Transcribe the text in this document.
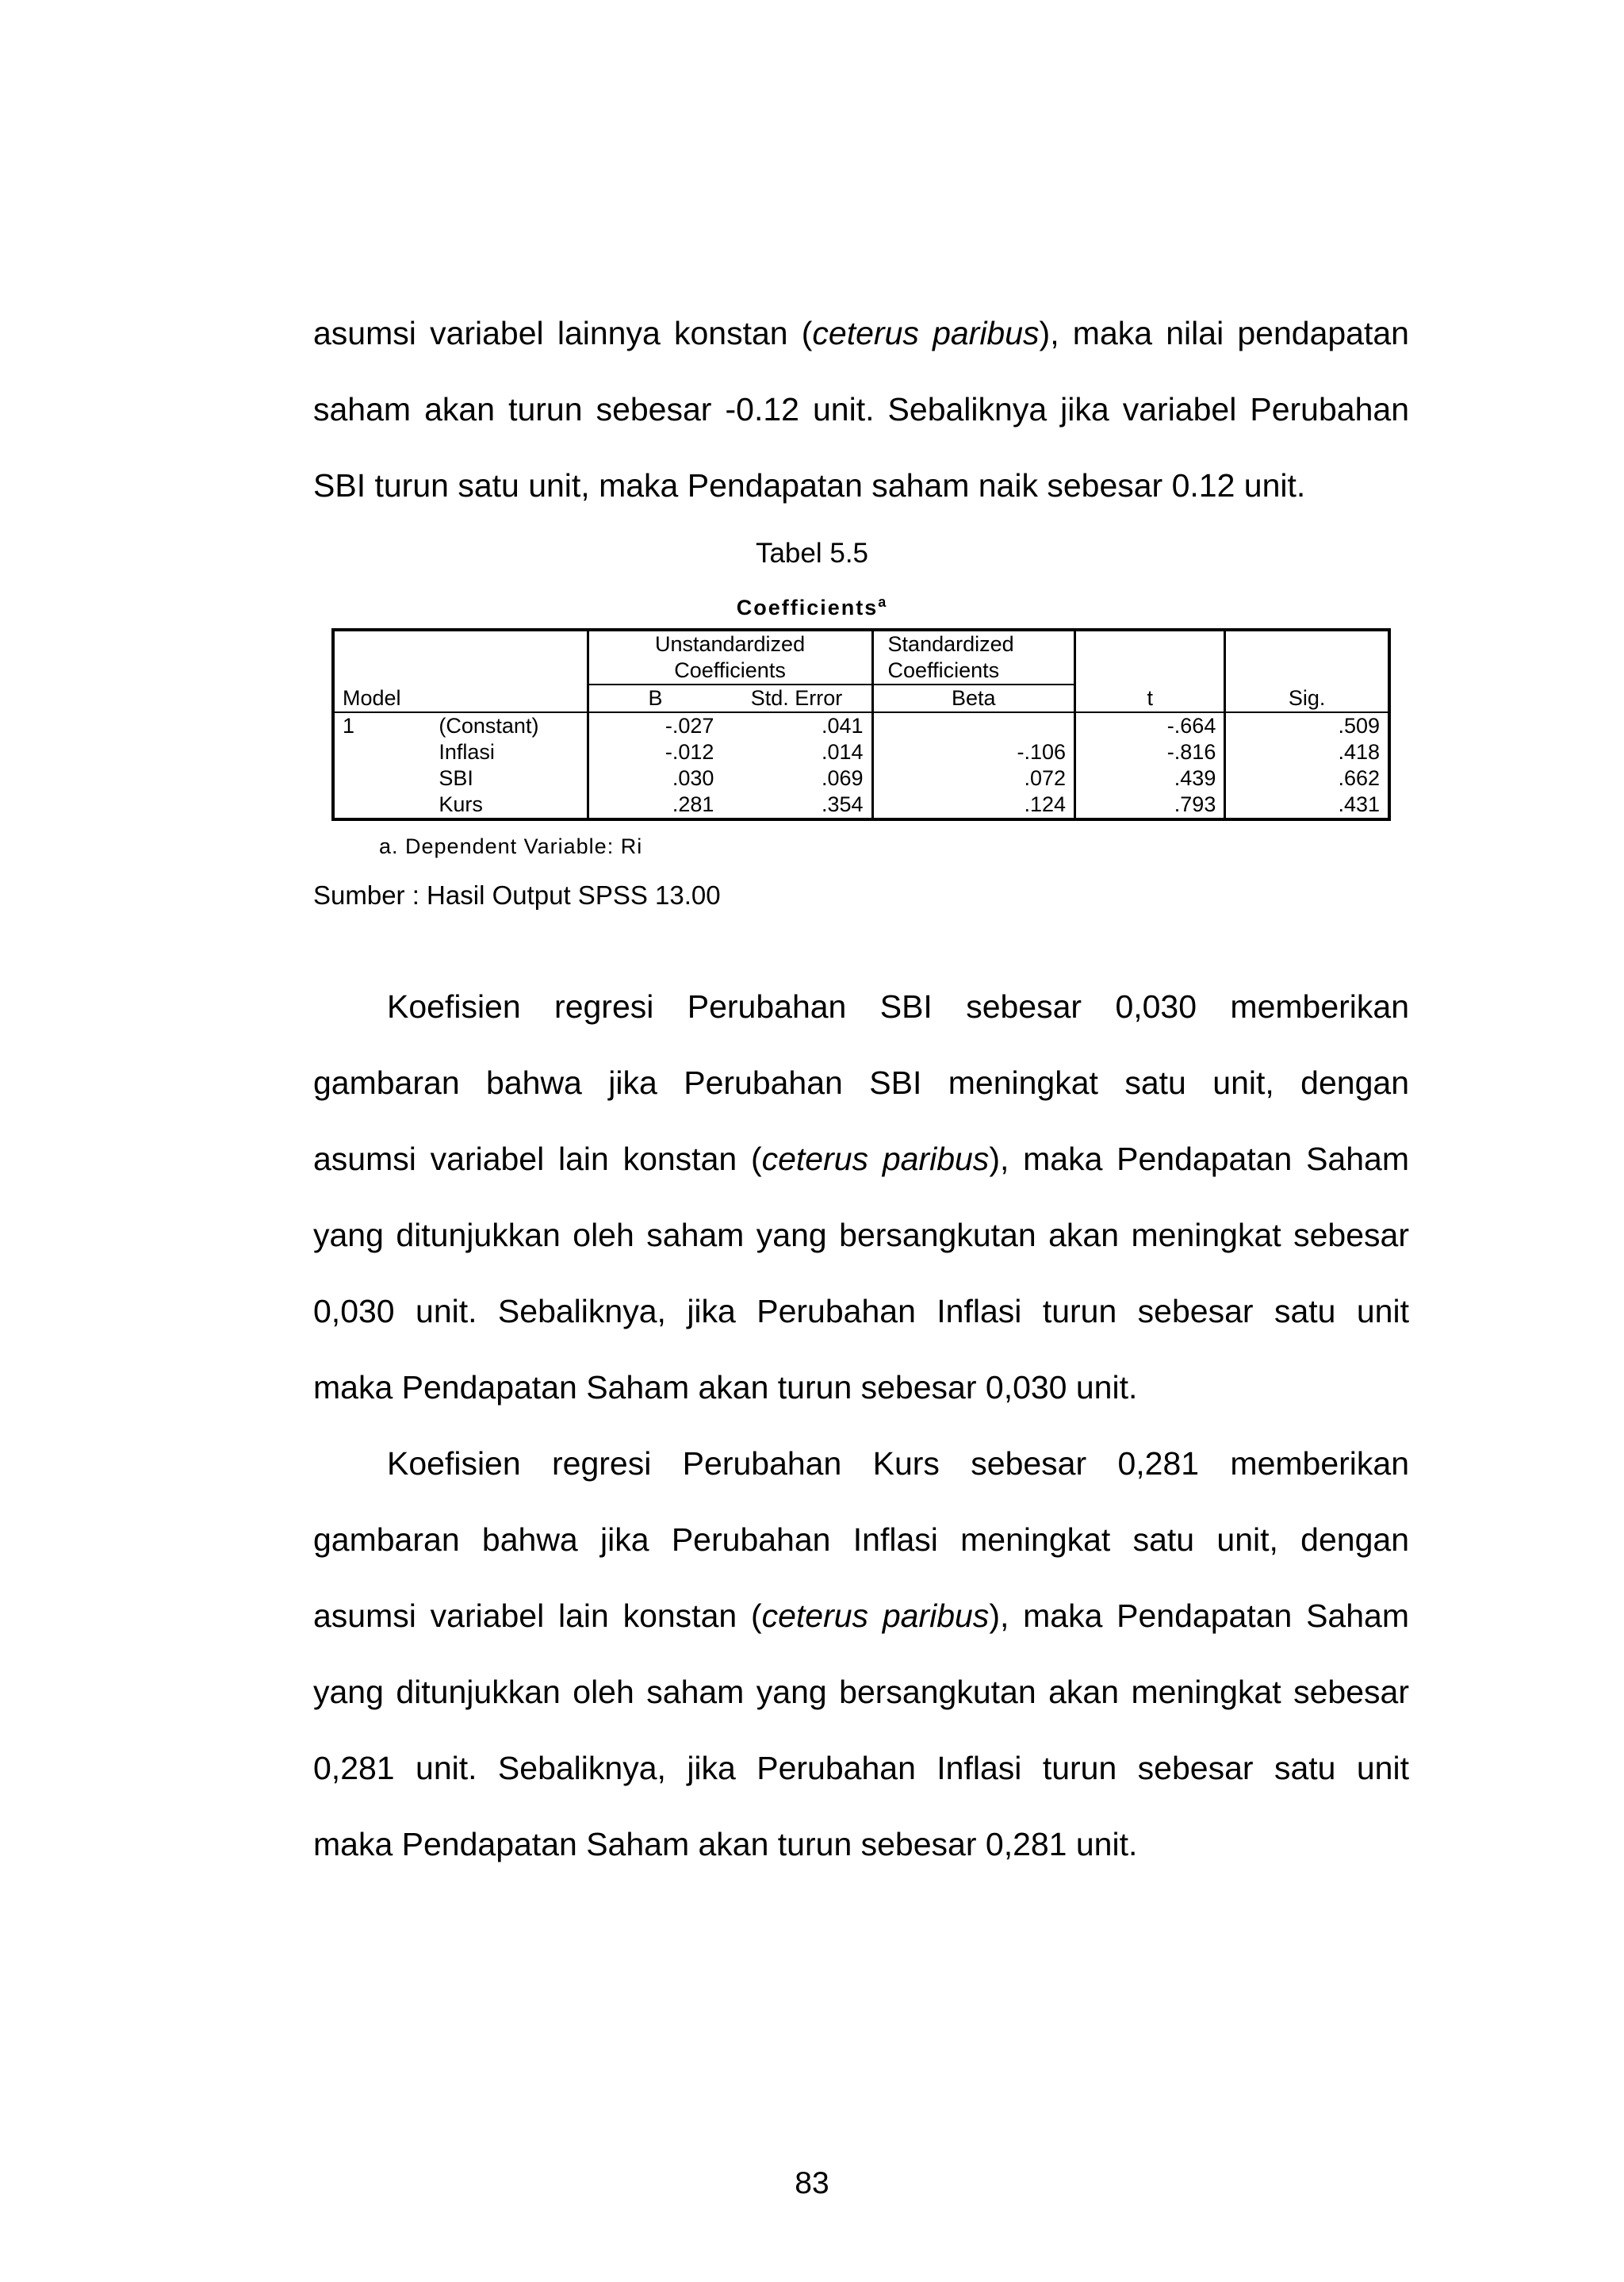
asumsi variabel lainnya konstan (ceterus paribus), maka nilai pendapatan
saham akan turun sebesar -0.12 unit. Sebaliknya jika variabel Perubahan
SBI turun satu unit, maka Pendapatan saham naik sebesar 0.12 unit.
Tabel 5.5
Coefficients$^a$
		Unstandardized		Standardized		
		Coefficients		Coefficients		
Model		B	Std. Error	Beta	t	Sig.
1	(Constant)	-.027	.041		-.664	.509
	Inflasi	-.012	.014	-.106	-.816	.418
	SBI	.030	.069	.072	.439	.662
	Kurs	.281	.354	.124	.793	.431
a. Dependent Variable: Ri
Sumber : Hasil Output SPSS 13.00
Koefisien regresi Perubahan SBI sebesar 0,030 memberikan
gambaran bahwa jika Perubahan SBI meningkat satu unit, dengan
asumsi variabel lain konstan (ceterus paribus), maka Pendapatan Saham
yang ditunjukkan oleh saham yang bersangkutan akan meningkat sebesar
0,030 unit. Sebaliknya, jika Perubahan Inflasi turun sebesar satu unit
maka Pendapatan Saham akan turun sebesar 0,030 unit.
Koefisien regresi Perubahan Kurs sebesar 0,281 memberikan
gambaran bahwa jika Perubahan Inflasi meningkat satu unit, dengan
asumsi variabel lain konstan (ceterus paribus), maka Pendapatan Saham
yang ditunjukkan oleh saham yang bersangkutan akan meningkat sebesar
0,281 unit. Sebaliknya, jika Perubahan Inflasi turun sebesar satu unit
maka Pendapatan Saham akan turun sebesar 0,281 unit.
83
